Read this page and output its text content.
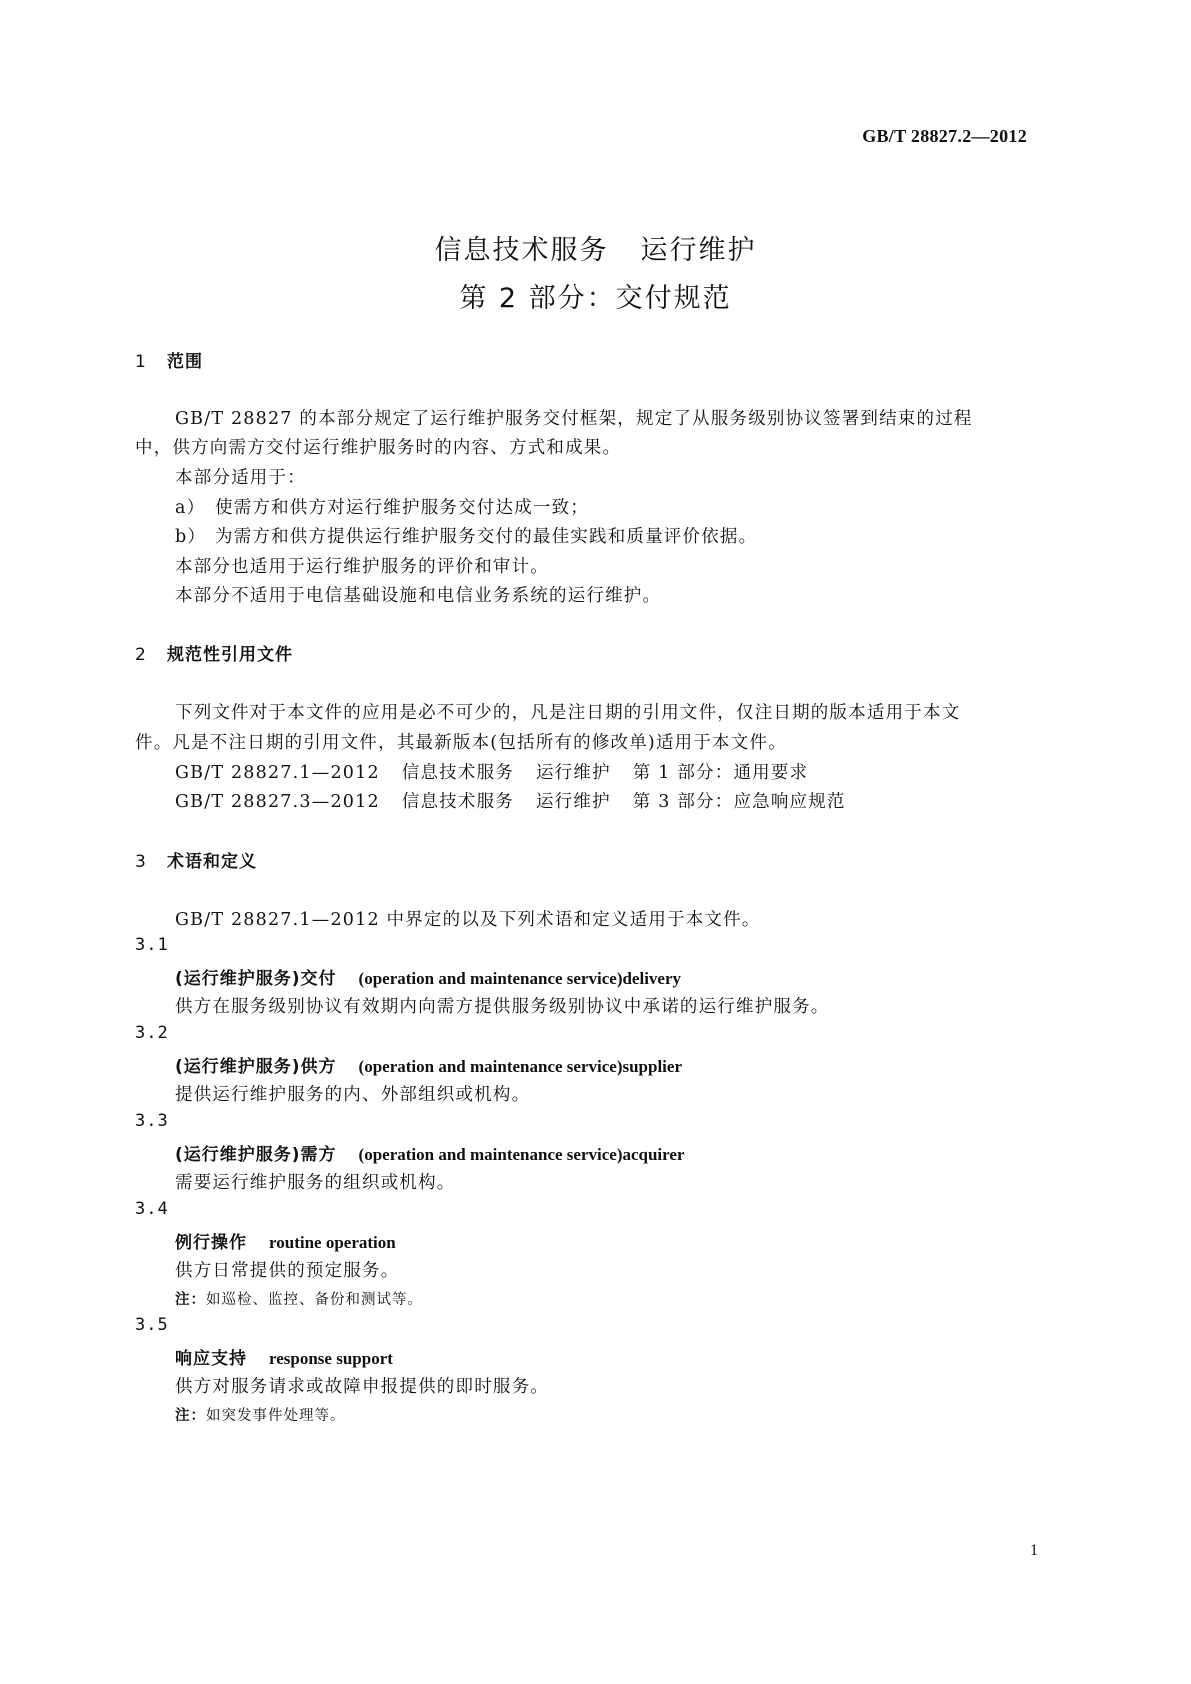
GB/T 28827.2—2012
信息技术服务 运行维护
第 2 部分：交付规范
1 范围
GB/T 28827 的本部分规定了运行维护服务交付框架，规定了从服务级别协议签署到结束的过程
中，供方向需方交付运行维护服务时的内容、方式和成果。
本部分适用于：
a） 使需方和供方对运行维护服务交付达成一致；
b） 为需方和供方提供运行维护服务交付的最佳实践和质量评价依据。
本部分也适用于运行维护服务的评价和审计。
本部分不适用于电信基础设施和电信业务系统的运行维护。
2 规范性引用文件
下列文件对于本文件的应用是必不可少的，凡是注日期的引用文件，仅注日期的版本适用于本文
件。凡是不注日期的引用文件，其最新版本(包括所有的修改单)适用于本文件。
GB/T 28827.1—2012 信息技术服务 运行维护 第 1 部分：通用要求
GB/T 28827.3—2012 信息技术服务 运行维护 第 3 部分：应急响应规范
3 术语和定义
GB/T 28827.1—2012 中界定的以及下列术语和定义适用于本文件。
3.1
(运行维护服务)交付 (operation and maintenance service)delivery
供方在服务级别协议有效期内向需方提供服务级别协议中承诺的运行维护服务。
3.2
(运行维护服务)供方 (operation and maintenance service)supplier
提供运行维护服务的内、外部组织或机构。
3.3
(运行维护服务)需方 (operation and maintenance service)acquirer
需要运行维护服务的组织或机构。
3.4
例行操作 routine operation
供方日常提供的预定服务。
注：如巡检、监控、备份和测试等。
3.5
响应支持 response support
供方对服务请求或故障申报提供的即时服务。
注：如突发事件处理等。
1
